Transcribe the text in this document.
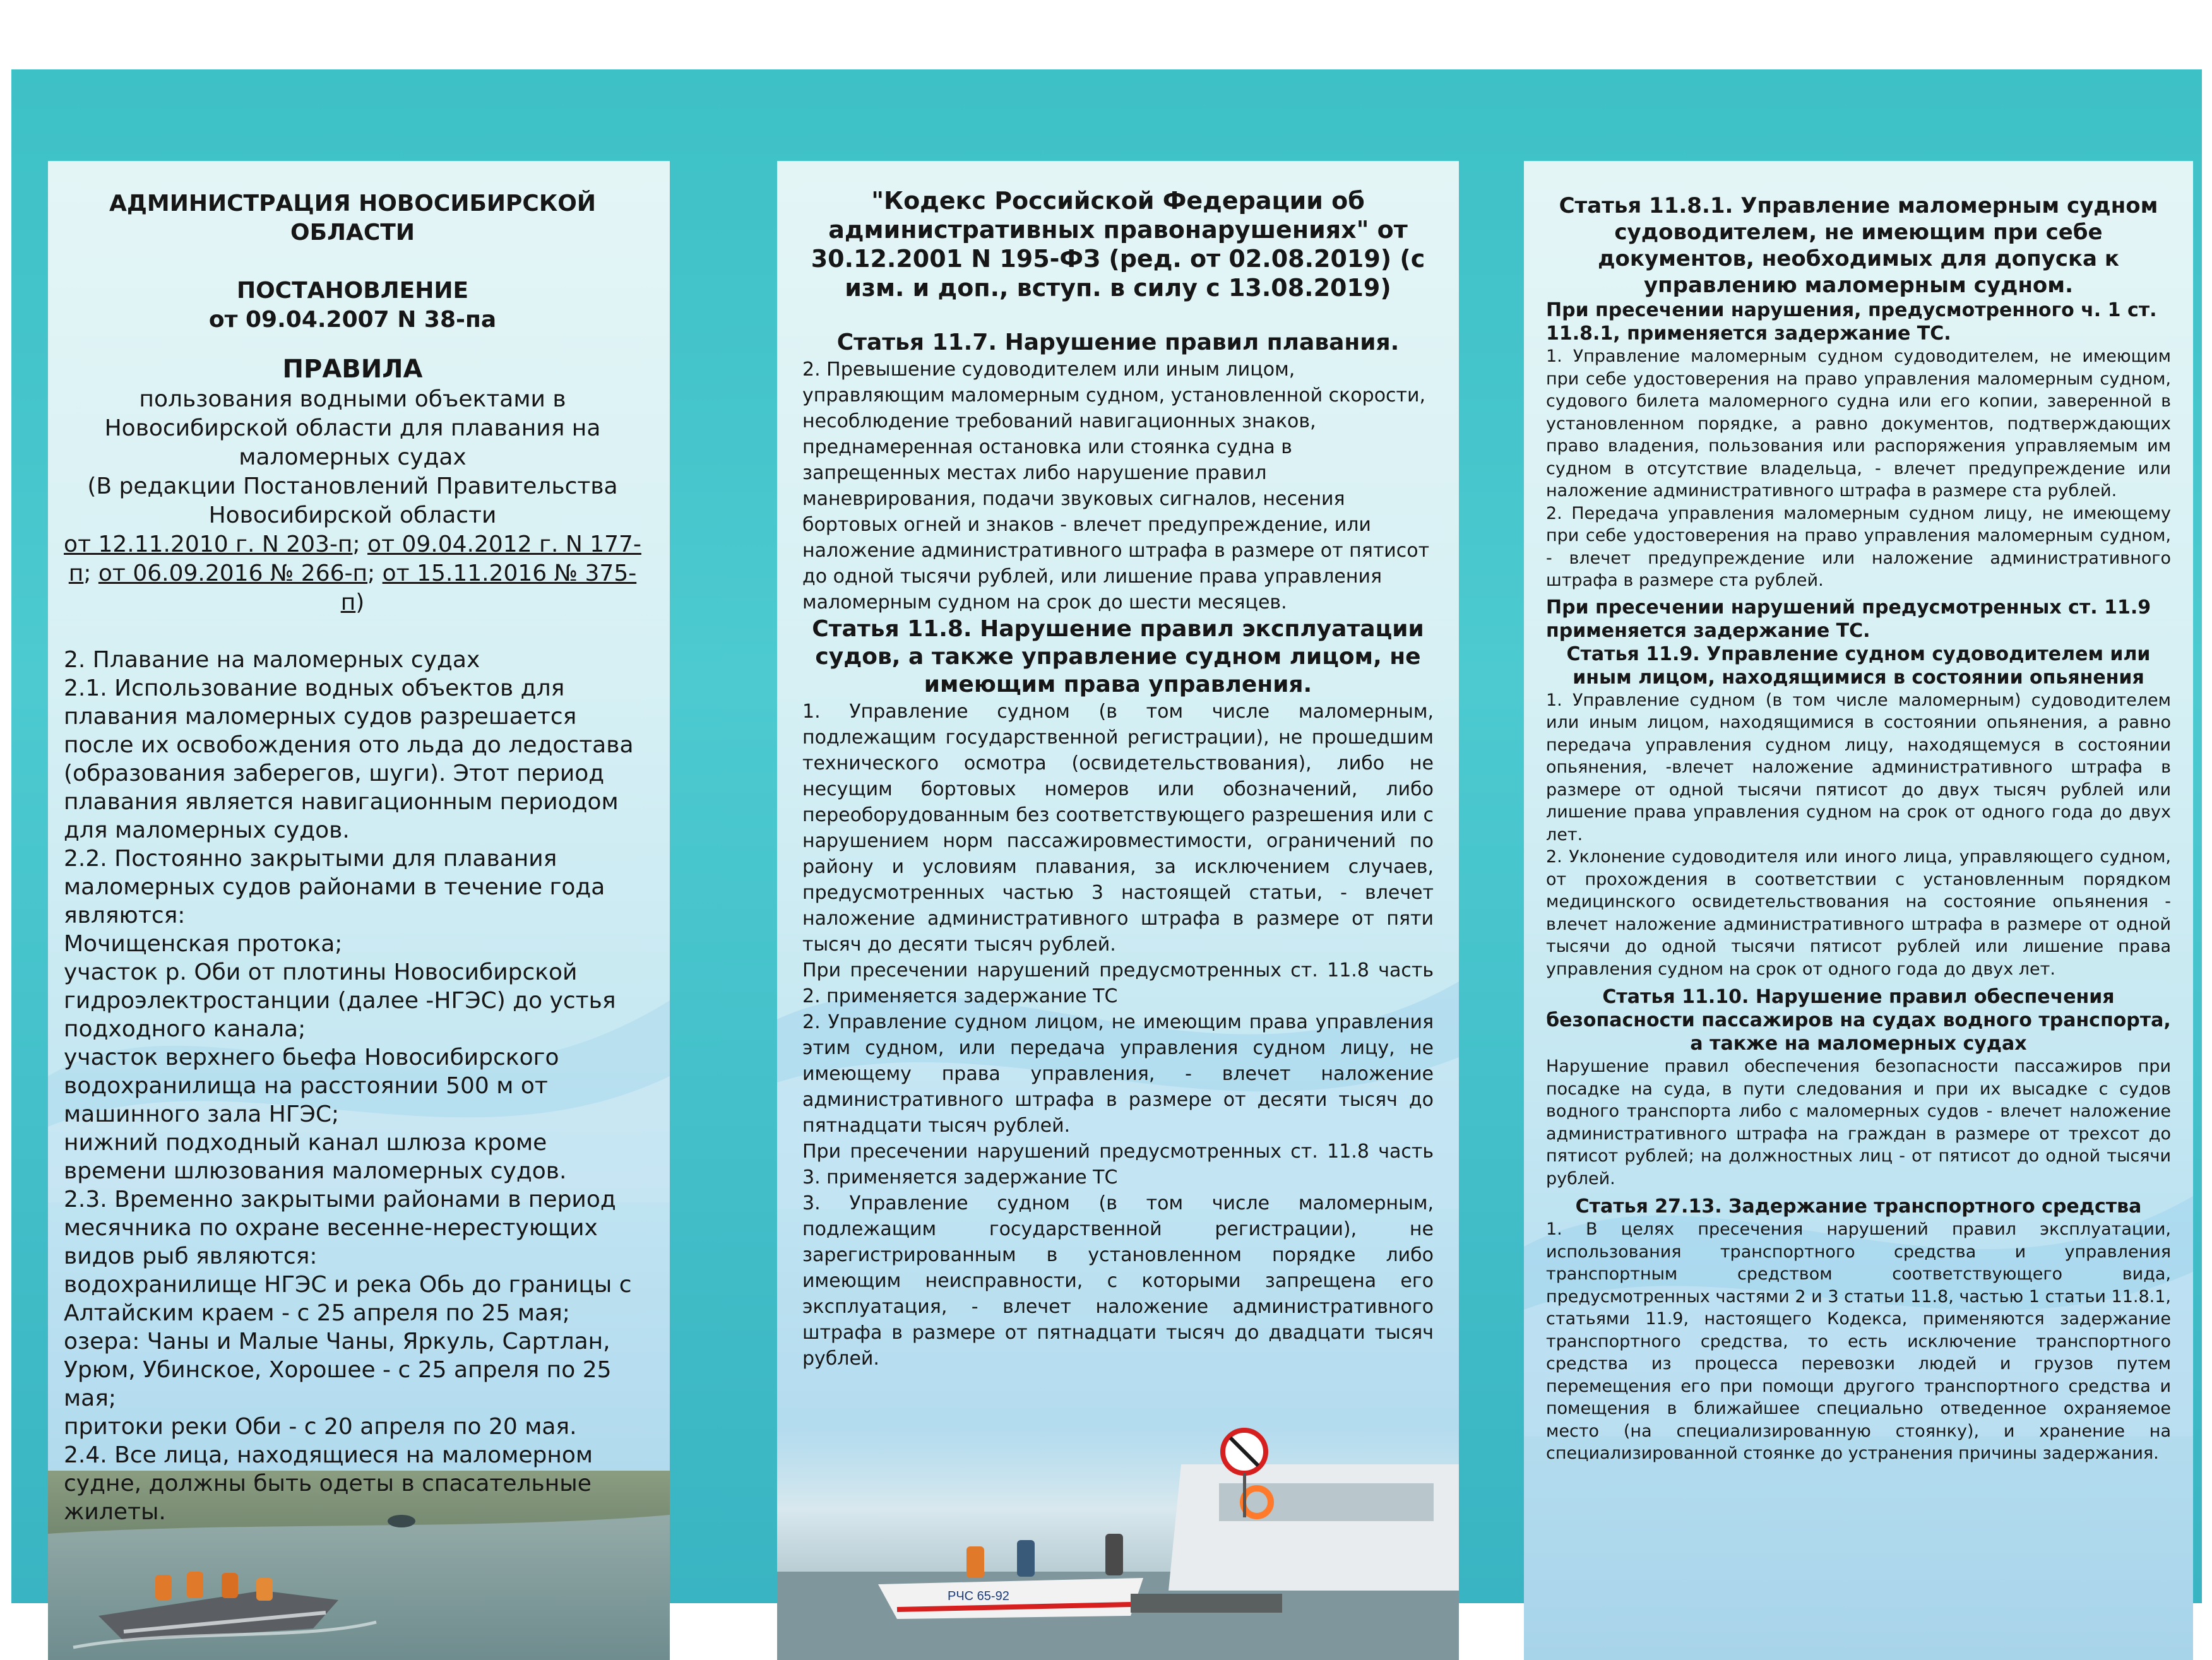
АДМИНИСТРАЦИЯ НОВОСИБИРСКОЙ ОБЛАСТИ

ПОСТАНОВЛЕНИЕ

от 09.04.2007 N 38-па

ПРАВИЛА

пользования водными объектами в Новосибирской области для плавания на маломерных судах

(В редакции Постановлений Правительства Новосибирской области

от 12.11.2010 г. N 203-п; от 09.04.2012 г. N 177-п; от 06.09.2016 № 266-п; от 15.11.2016 № 375-п)

2. Плавание на маломерных судах

2.1. Использование водных объектов для плавания маломерных судов разрешается после их освобождения ото льда до ледостава (образования заберегов, шуги). Этот период плавания является навигационным периодом для маломерных судов.

2.2. Постоянно закрытыми для плавания маломерных судов районами в течение года являются:

Мочищенская протока;

участок р. Оби от плотины Новосибирской гидроэлектростанции (далее -НГЭС) до устья подходного канала;

участок верхнего бьефа Новосибирского водохранилища на расстоянии 500 м от машинного зала НГЭС;

нижний подходный канал шлюза кроме времени шлюзования маломерных судов.

2.3. Временно закрытыми районами в период месячника по охране весенне-нерестующих видов рыб являются:

водохранилище НГЭС и река Обь до границы с Алтайским краем - с 25 апреля по 25 мая;

озера: Чаны и Малые Чаны, Яркуль, Сартлан, Урюм, Убинское, Хорошее - с 25 апреля по 25 мая;

притоки реки Оби - с 20 апреля по 20 мая.

2.4. Все лица, находящиеся на маломерном судне, должны быть одеты в спасательные жилеты.

"Кодекс Российской Федерации об административных правонарушениях" от 30.12.2001 N 195-ФЗ (ред. от 02.08.2019) (с изм. и доп., вступ. в силу с 13.08.2019)

Статья 11.7. Нарушение правил плавания.

2. Превышение судоводителем или иным лицом, управляющим маломерным судном, установленной скорости, несоблюдение требований навигационных знаков, преднамеренная остановка или стоянка судна в запрещенных местах либо нарушение правил маневрирования, подачи звуковых сигналов, несения бортовых огней и знаков - влечет предупреждение, или наложение административного штрафа в размере от пятисот до одной тысячи рублей, или лишение права управления маломерным судном на срок до шести месяцев.

Статья 11.8. Нарушение правил эксплуатации судов, а также управление судном лицом, не имеющим права управления.

1. Управление судном (в том числе маломерным, подлежащим государственной регистрации), не прошедшим технического осмотра (освидетельствования), либо не несущим бортовых номеров или обозначений, либо переоборудованным без соответствующего разрешения или с нарушением норм пассажировместимости, ограничений по району и условиям плавания, за исключением случаев, предусмотренных частью 3 настоящей статьи, - влечет наложение административного штрафа в размере от пяти тысяч до десяти тысяч рублей.

При пресечении нарушений предусмотренных ст. 11.8 часть 2. применяется задержание ТС

2. Управление судном лицом, не имеющим права управления этим судном, или передача управления судном лицу, не имеющему права управления, - влечет наложение административного штрафа в размере от десяти тысяч до пятнадцати тысяч рублей.

При пресечении нарушений предусмотренных ст. 11.8 часть 3. применяется задержание ТС

3. Управление судном (в том числе маломерным, подлежащим государственной регистрации), не зарегистрированным в установленном порядке либо имеющим неисправности, с которыми запрещена его эксплуатация, - влечет наложение административного штрафа в размере от пятнадцати тысяч до двадцати тысяч рублей.

РЧС 65-92

Статья 11.8.1. Управление маломерным судном судоводителем, не имеющим при себе документов, необходимых для допуска к управлению маломерным судном.

При пресечении нарушения, предусмотренного ч. 1 ст. 11.8.1, применяется задержание ТС.

1. Управление маломерным судном судоводителем, не имеющим при себе удостоверения на право управления маломерным судном, судового билета маломерного судна или его копии, заверенной в установленном порядке, а равно документов, подтверждающих право владения, пользования или распоряжения управляемым им судном в отсутствие владельца, - влечет предупреждение или наложение административного штрафа в размере ста рублей.

2. Передача управления маломерным судном лицу, не имеющему при себе удостоверения на право управления маломерным судном, - влечет предупреждение или наложение административного штрафа в размере ста рублей.

При пресечении нарушений предусмотренных ст. 11.9 применяется задержание ТС.

Статья 11.9. Управление судном судоводителем или иным лицом, находящимися в состоянии опьянения

1. Управление судном (в том числе маломерным) судоводителем или иным лицом, находящимися в состоянии опьянения, а равно передача управления судном лицу, находящемуся в состоянии опьянения, -влечет наложение административного штрафа в размере от одной тысячи пятисот до двух тысяч рублей или лишение права управления судном на срок от одного года до двух лет.

2. Уклонение судоводителя или иного лица, управляющего судном, от прохождения в соответствии с установленным порядком медицинского освидетельствования на состояние опьянения - влечет наложение административного штрафа в размере от одной тысячи до одной тысячи пятисот рублей или лишение права управления судном на срок от одного года до двух лет.

Статья 11.10. Нарушение правил обеспечения безопасности пассажиров на судах водного транспорта, а также на маломерных судах

Нарушение правил обеспечения безопасности пассажиров при посадке на суда, в пути следования и при их высадке с судов водного транспорта либо с маломерных судов - влечет наложение административного штрафа на граждан в размере от трехсот до пятисот рублей; на должностных лиц - от пятисот до одной тысячи рублей.

Статья 27.13. Задержание транспортного средства

1. В целях пресечения нарушений правил эксплуатации, использования транспортного средства и управления транспортным средством соответствующего вида, предусмотренных частями 2 и 3 статьи 11.8, частью 1 статьи 11.8.1, статьями 11.9, настоящего Кодекса, применяются задержание транспортного средства, то есть исключение транспортного средства из процесса перевозки людей и грузов путем перемещения его при помощи другого транспортного средства и помещения в ближайшее специально отведенное охраняемое место (на специализированную стоянку), и хранение на специализированной стоянке до устранения причины задержания.
